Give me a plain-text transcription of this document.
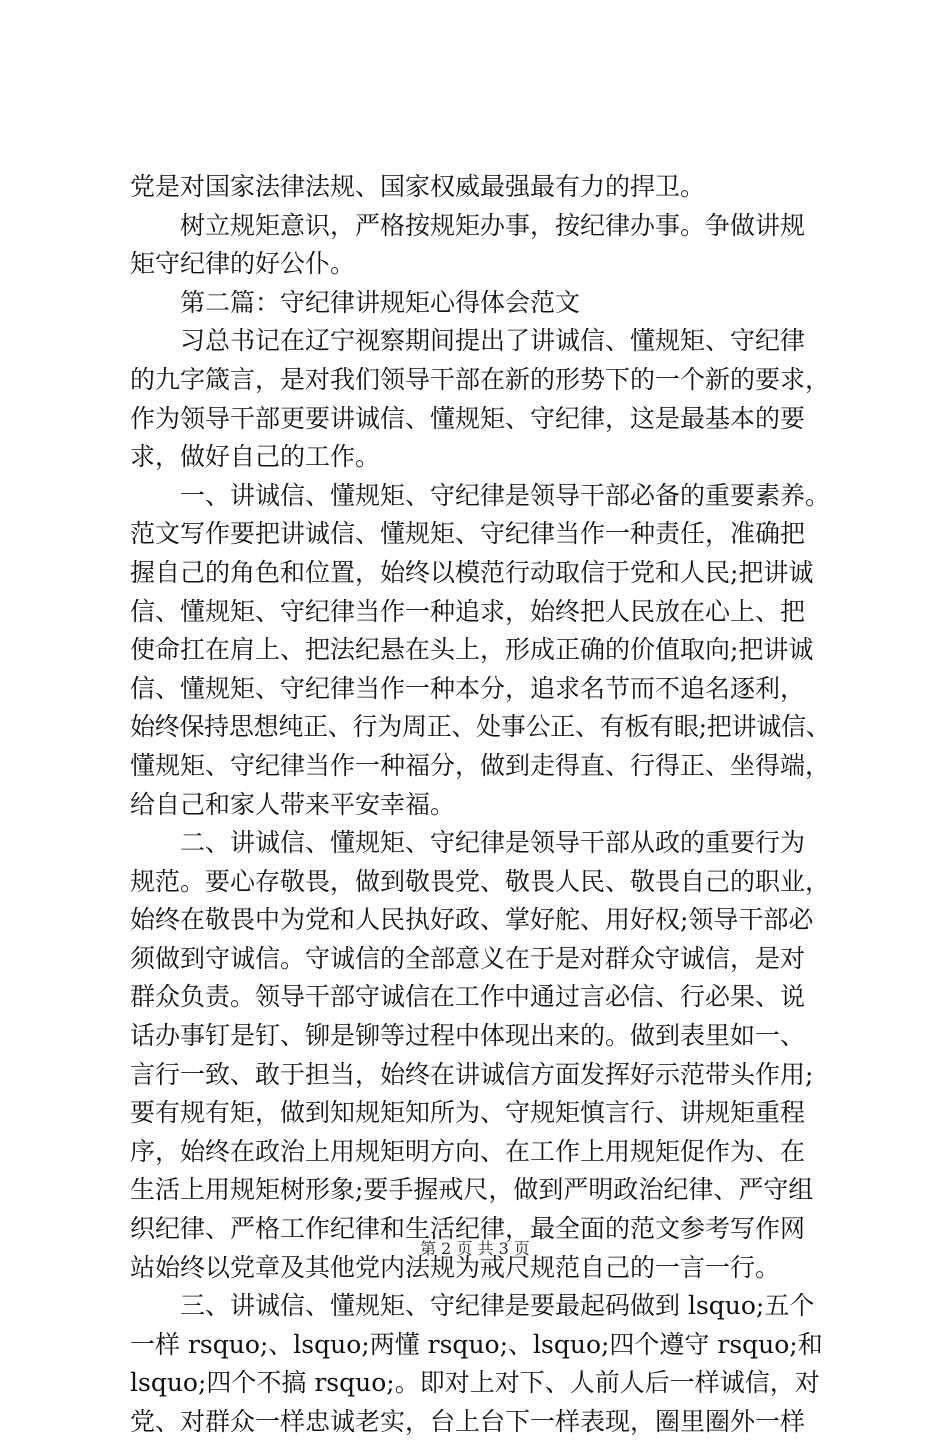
党是对国家法律法规、国家权威最强最有力的捍卫。
　　树立规矩意识，严格按规矩办事，按纪律办事。争做讲规
矩守纪律的好公仆。
　　第二篇：守纪律讲规矩心得体会范文
　　习总书记在辽宁视察期间提出了讲诚信、懂规矩、守纪律
的九字箴言，是对我们领导干部在新的形势下的一个新的要求，
作为领导干部更要讲诚信、懂规矩、守纪律，这是最基本的要
求，做好自己的工作。
　　一、讲诚信、懂规矩、守纪律是领导干部必备的重要素养。
范文写作要把讲诚信、懂规矩、守纪律当作一种责任，准确把
握自己的角色和位置，始终以模范行动取信于党和人民;把讲诚
信、懂规矩、守纪律当作一种追求，始终把人民放在心上、把
使命扛在肩上、把法纪悬在头上，形成正确的价值取向;把讲诚
信、懂规矩、守纪律当作一种本分，追求名节而不追名逐利，
始终保持思想纯正、行为周正、处事公正、有板有眼;把讲诚信、
懂规矩、守纪律当作一种福分，做到走得直、行得正、坐得端，
给自己和家人带来平安幸福。
　　二、讲诚信、懂规矩、守纪律是领导干部从政的重要行为
规范。要心存敬畏，做到敬畏党、敬畏人民、敬畏自己的职业，
始终在敬畏中为党和人民执好政、掌好舵、用好权;领导干部必
须做到守诚信。守诚信的全部意义在于是对群众守诚信，是对
群众负责。领导干部守诚信在工作中通过言必信、行必果、说
话办事钉是钉、铆是铆等过程中体现出来的。做到表里如一、
言行一致、敢于担当，始终在讲诚信方面发挥好示范带头作用;
要有规有矩，做到知规矩知所为、守规矩慎言行、讲规矩重程
序，始终在政治上用规矩明方向、在工作上用规矩促作为、在
生活上用规矩树形象;要手握戒尺，做到严明政治纪律、严守组
织纪律、严格工作纪律和生活纪律，最全面的范文参考写作网
站始终以党章及其他党内法规为戒尺规范自己的一言一行。
　　三、讲诚信、懂规矩、守纪律是要最起码做到 lsquo;五个
一样 rsquo;、lsquo;两懂 rsquo;、lsquo;四个遵守 rsquo;和
lsquo;四个不搞 rsquo;。即对上对下、人前人后一样诚信，对
党、对群众一样忠诚老实，台上台下一样表现，圈里圈外一样
第 2 页 共 3 页
